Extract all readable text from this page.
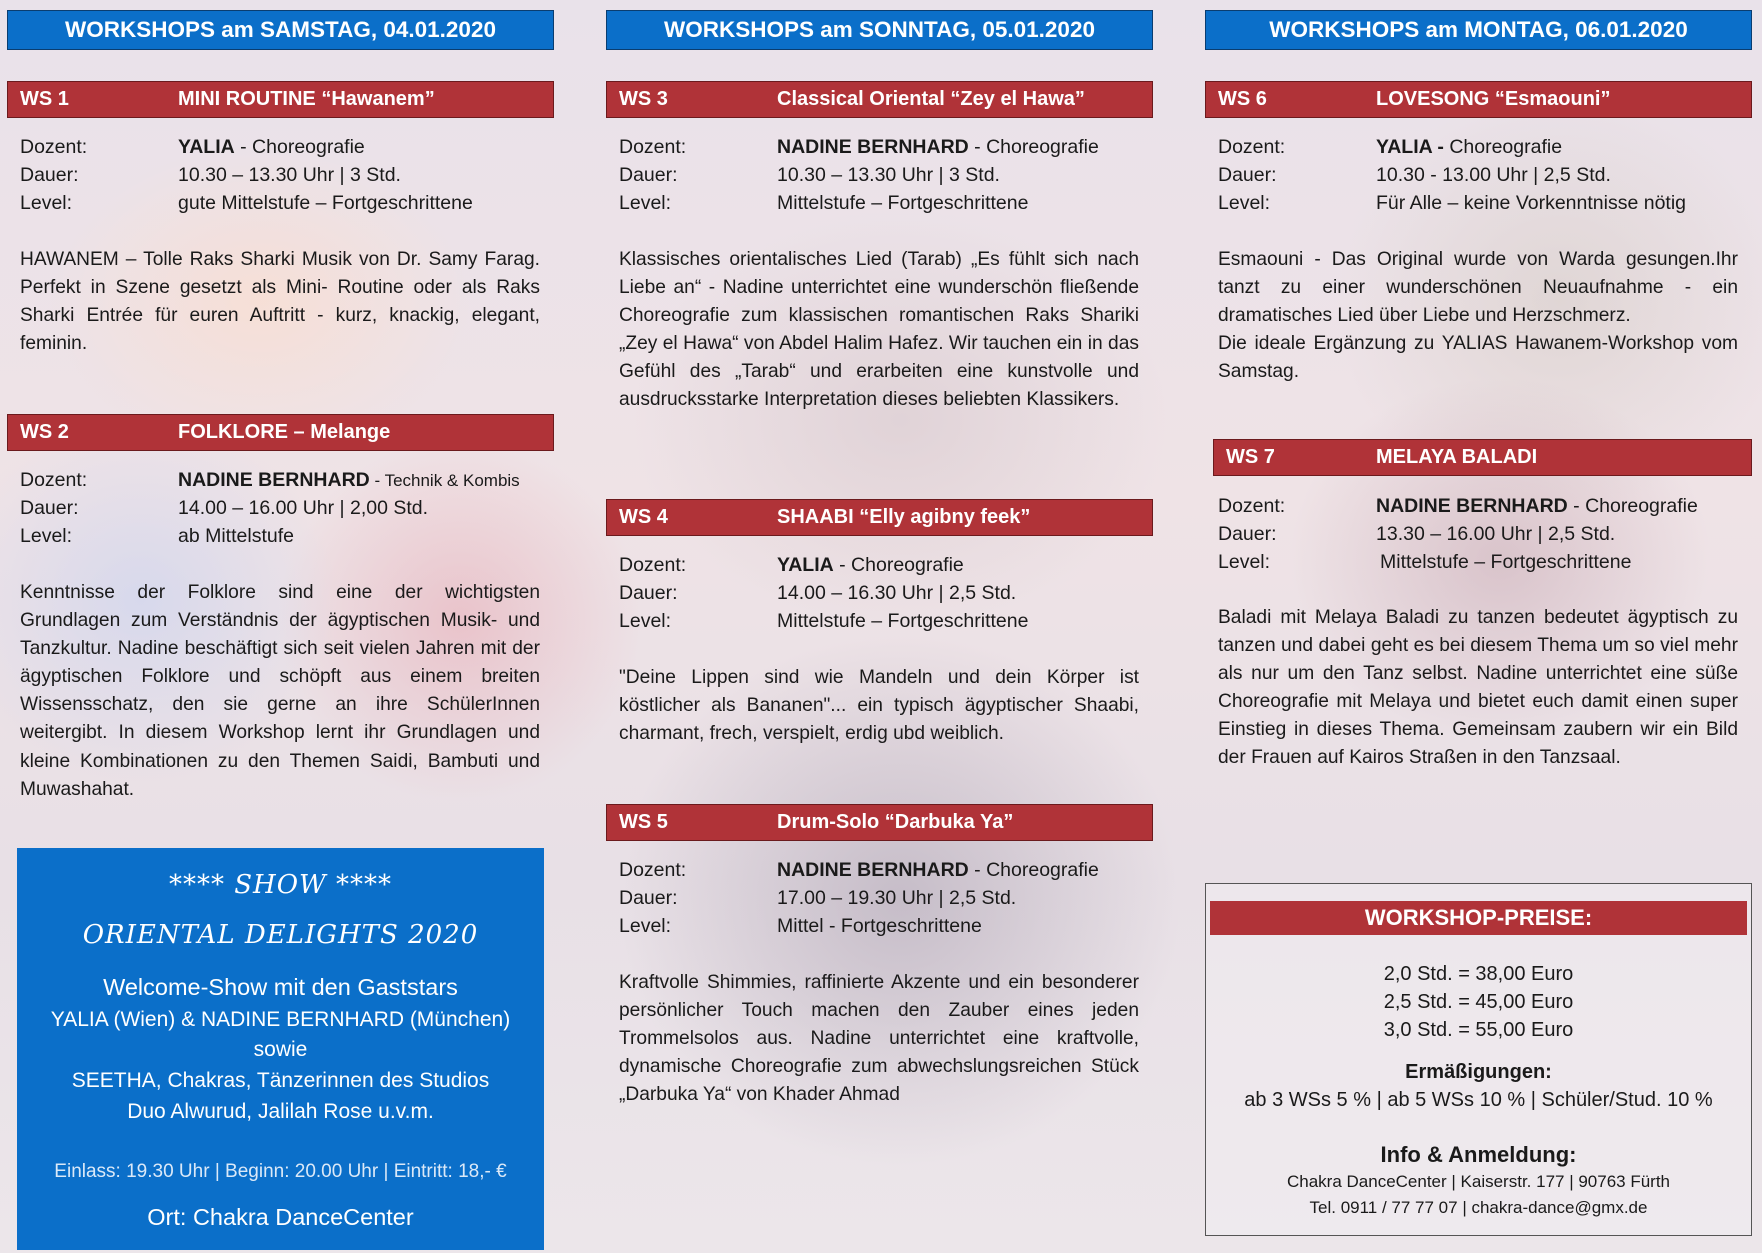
WORKSHOPS am SAMSTAG, 04.01.2020	WORKSHOPS am SONNTAG, 05.01.2020	WORKSHOPS am MONTAG, 06.01.2020
WS 1	MINI ROUTINE “Hawanem”
Dozent:	YALIA - Choreografie
Dauer:	10.30 – 13.30 Uhr | 3 Std.
Level:	gute Mittelstufe – Fortgeschrittene
HAWANEM – Tolle Raks Sharki Musik von Dr. Samy Farag. Perfekt in Szene gesetzt als Mini- Routine oder als Raks Sharki Entrée für euren Auftritt - kurz, knackig, elegant, feminin.
WS 2	FOLKLORE – Melange
Dozent:	NADINE BERNHARD - Technik & Kombis
Dauer:	14.00 – 16.00 Uhr | 2,00 Std.
Level:	ab Mittelstufe
Kenntnisse der Folklore sind eine der wichtigsten Grundlagen zum Verständnis der ägyptischen Musik- und Tanzkultur. Nadine beschäftigt sich seit vielen Jahren mit der ägyptischen Folklore und schöpft aus einem breiten Wissensschatz, den sie gerne an ihre SchülerInnen weitergibt. In diesem Workshop lernt ihr Grundlagen und kleine Kombinationen zu den Themen Saidi, Bambuti und Muwashahat.
**** SHOW ****
ORIENTAL DELIGHTS 2020
Welcome-Show mit den Gaststars
YALIA (Wien) & NADINE BERNHARD (München)
sowie
SEETHA, Chakras, Tänzerinnen des Studios
Duo Alwurud, Jalilah Rose u.v.m.
Einlass: 19.30 Uhr | Beginn: 20.00 Uhr | Eintritt: 18,- €
Ort: Chakra DanceCenter
WS 3	Classical Oriental “Zey el Hawa”
Dozent:	NADINE BERNHARD - Choreografie
Dauer:	10.30 – 13.30 Uhr | 3 Std.
Level:	Mittelstufe – Fortgeschrittene
Klassisches orientalisches Lied (Tarab) „Es fühlt sich nach Liebe an“ - Nadine unterrichtet eine wunderschön fließende Choreografie zum klassischen romantischen Raks Shariki „Zey el Hawa“ von Abdel Halim Hafez. Wir tauchen ein in das Gefühl des „Tarab“ und erarbeiten eine kunstvolle und ausdrucksstarke Interpretation dieses beliebten Klassikers.
WS 4	SHAABI “Elly agibny feek”
Dozent:	YALIA - Choreografie
Dauer:	14.00 – 16.30 Uhr | 2,5 Std.
Level:	Mittelstufe – Fortgeschrittene
"Deine Lippen sind wie Mandeln und dein Körper ist köstlicher als Bananen"... ein typisch ägyptischer Shaabi, charmant, frech, verspielt, erdig ubd weiblich.
WS 5	Drum-Solo “Darbuka Ya”
Dozent:	NADINE BERNHARD - Choreografie
Dauer:	17.00 – 19.30 Uhr | 2,5 Std.
Level:	Mittel - Fortgeschrittene
Kraftvolle Shimmies, raffinierte Akzente und ein besonderer persönlicher Touch machen den Zauber eines jeden Trommelsolos aus. Nadine unterrichtet eine kraftvolle, dynamische Choreografie zum abwechslungsreichen Stück „Darbuka Ya“ von Khader Ahmad
WS 6	LOVESONG “Esmaouni”
Dozent:	YALIA - Choreografie
Dauer:	10.30 - 13.00 Uhr | 2,5 Std.
Level:	Für Alle – keine Vorkenntnisse nötig

Esmaouni - Das Original wurde von Warda gesungen.Ihr tanzt zu einer wunderschönen Neuaufnahme - ein dramatisches Lied über Liebe und Herzschmerz.

Die ideale Ergänzung zu YALIAS Hawanem-Workshop vom Samstag.

WS 7	MELAYA BALADI
Dozent:	NADINE BERNHARD - Choreografie
Dauer:	13.30 – 16.00 Uhr | 2,5 Std.
Level:	Mittelstufe – Fortgeschrittene
Baladi mit Melaya Baladi zu tanzen bedeutet ägyptisch zu tanzen und dabei geht es bei diesem Thema um so viel mehr als nur um den Tanz selbst. Nadine unterrichtet eine süße Choreografie mit Melaya und bietet euch damit einen super Einstieg in dieses Thema. Gemeinsam zaubern wir ein Bild der Frauen auf Kairos Straßen in den Tanzsaal.
WORKSHOP-PREISE:
2,0 Std. = 38,00 Euro
2,5 Std. = 45,00 Euro
3,0 Std. = 55,00 Euro
Ermäßigungen:
ab 3 WSs 5 % | ab 5 WSs 10 % | Schüler/Stud. 10 %
Info & Anmeldung:
Chakra DanceCenter | Kaiserstr. 177 | 90763 Fürth
Tel. 0911 / 77 77 07 | chakra-dance@gmx.de
